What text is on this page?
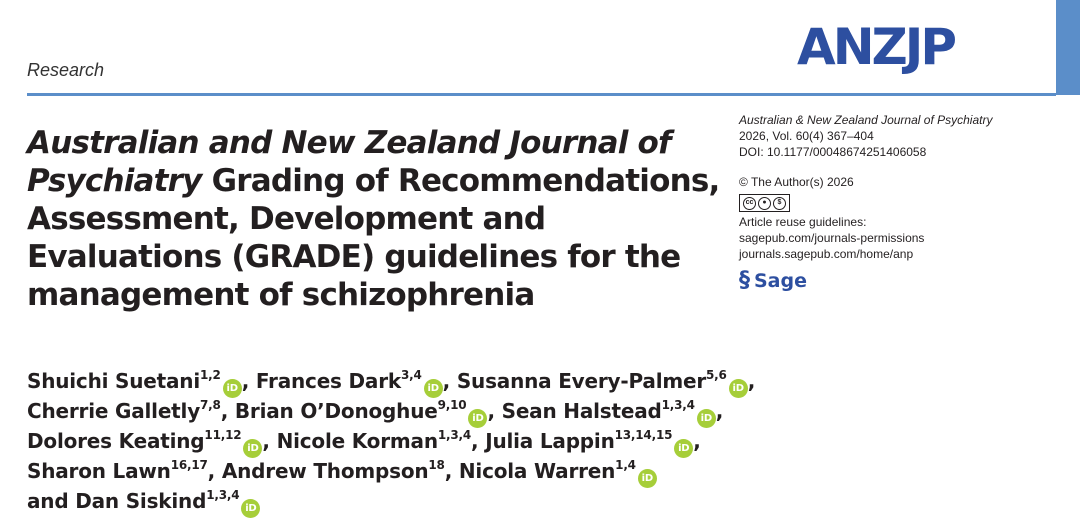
Research	ANZJP
Australian and New Zealand Journal of Psychiatry Grading of Recommendations, Assessment, Development and Evaluations (GRADE) guidelines for the management of schizophrenia
Australian & New Zealand Journal of Psychiatry
2026, Vol. 60(4) 367–404
DOI: 10.1177/00048674251406058
© The Author(s) 2026
cc	●	$
Article reuse guidelines:
sagepub.com/journals-permissions
journals.sagepub.com/home/anp
§ Sage
Shuichi Suetani$^{1,2}$iD , Frances Dark$^{3,4}$iD , Susanna Every-Palmer$^{5,6}$iD ,
Cherrie Galletly$^{7,8}$, Brian O’Donoghue$^{9,10}$iD , Sean Halstead$^{1,3,4}$iD ,
Dolores Keating$^{11,12}$iD , Nicole Korman$^{1,3,4}$, Julia Lappin$^{13,14,15}$iD ,
Sharon Lawn$^{16,17}$, Andrew Thompson$^{18}$, Nicola Warren$^{1,4}$iD
and Dan Siskind$^{1,3,4}$iD
